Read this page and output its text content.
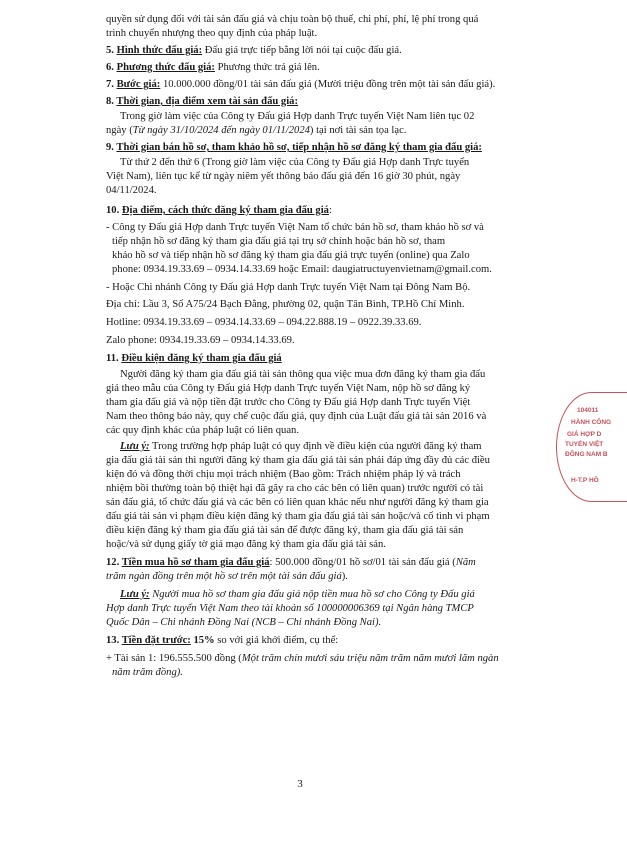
quyền sử dụng đối với tài sản đấu giá và chịu toàn bộ thuế, chi phí, phí, lệ phí trong quá
trình chuyển nhượng theo quy định của pháp luật.
5. Hình thức đấu giá: Đấu giá trực tiếp bằng lời nói tại cuộc đấu giá.
6. Phương thức đấu giá: Phương thức trả giá lên.
7. Bước giá: 10.000.000 đồng/01 tài sản đấu giá (Mười triệu đồng trên một tài sản đấu giá).
8. Thời gian, địa điểm xem tài sản đấu giá:
Trong giờ làm việc của Công ty Đấu giá Hợp danh Trực tuyến Việt Nam liên tục 02
ngày (Từ ngày 31/10/2024 đến ngày 01/11/2024) tại nơi tài sản tọa lạc.
9. Thời gian bán hồ sơ, tham khảo hồ sơ, tiếp nhận hồ sơ đăng ký tham gia đấu giá:
Từ thứ 2 đến thứ 6 (Trong giờ làm việc của Công ty Đấu giá Hợp danh Trực tuyến
Việt Nam), liên tục kể từ ngày niêm yết thông báo đấu giá đến 16 giờ 30 phút, ngày
04/11/2024.
10. Địa điểm, cách thức đăng ký tham gia đấu giá:
- Công ty Đấu giá Hợp danh Trực tuyến Việt Nam tổ chức bán hồ sơ, tham khảo hồ sơ và
tiếp nhận hồ sơ đăng ký tham gia đấu giá tại trụ sở chính hoặc bán hồ sơ, tham
khảo hồ sơ và tiếp nhận hồ sơ đăng ký tham gia đấu giá trực tuyến (online) qua Zalo
phone: 0934.19.33.69 – 0934.14.33.69 hoặc Email: daugiatructuyenvietnam@gmail.com.
- Hoặc Chi nhánh Công ty Đấu giá Hợp danh Trực tuyến Việt Nam tại Đông Nam Bộ.
Địa chỉ: Lầu 3, Số A75/24 Bạch Đằng, phường 02, quận Tân Bình, TP.Hồ Chí Minh.
Hotline: 0934.19.33.69 – 0934.14.33.69 – 094.22.888.19 – 0922.39.33.69.
Zalo phone: 0934.19.33.69 – 0934.14.33.69.
11. Điều kiện đăng ký tham gia đấu giá
Người đăng ký tham gia đấu giá tài sản thông qua việc mua đơn đăng ký tham gia đấu
giá theo mẫu của Công ty Đấu giá Hợp danh Trực tuyến Việt Nam, nộp hồ sơ đăng ký
tham gia đấu giá và nộp tiền đặt trước cho Công ty Đấu giá Hợp danh Trực tuyến Việt
Nam theo thông báo này, quy chế cuộc đấu giá, quy định của Luật đấu giá tài sản 2016 và
các quy định khác của pháp luật có liên quan.
Lưu ý: Trong trường hợp pháp luật có quy định về điều kiện của người đăng ký tham
gia đấu giá tài sản thì người đăng ký tham gia đấu giá tài sản phải đáp ứng đầy đủ các điều
kiện đó và đồng thời chịu mọi trách nhiệm (Bao gồm: Trách nhiệm pháp lý và trách
nhiệm bồi thường toàn bộ thiệt hại đã gây ra cho các bên có liên quan) trước người có tài
sản đấu giá, tổ chức đấu giá và các bên có liên quan khác nếu như người đăng ký tham gia
đấu giá tài sản vi phạm điều kiện đăng ký tham gia đấu giá tài sản hoặc/và cố tình vi phạm
điều kiện đăng ký tham gia đấu giá tài sản để được đăng ký, tham gia đấu giá tài sản
hoặc/và sử dụng giấy tờ giả mạo đăng ký tham gia đấu giá tài sản.
12. Tiền mua hồ sơ tham gia đấu giá: 500.000 đồng/01 hồ sơ/01 tài sản đấu giá (Năm
trăm ngàn đồng trên một hồ sơ trên một tài sản đấu giá).
Lưu ý: Người mua hồ sơ tham gia đấu giá nộp tiền mua hồ sơ cho Công ty Đấu giá
Hợp danh Trực tuyến Việt Nam theo tài khoản số 100000006369 tại Ngân hàng TMCP
Quốc Dân – Chi nhánh Đồng Nai (NCB – Chi nhánh Đồng Nai).
13. Tiền đặt trước: 15% so với giá khởi điểm, cụ thể:
+ Tài sản 1: 196.555.500 đồng (Một trăm chín mươi sáu triệu năm trăm năm mươi lăm ngàn
năm trăm đồng).
104011
HÀNH CÔNG
GIÁ HỢP D
TUYẾN VIỆT
ĐÔNG NAM B
H-T.P HỒ
3
